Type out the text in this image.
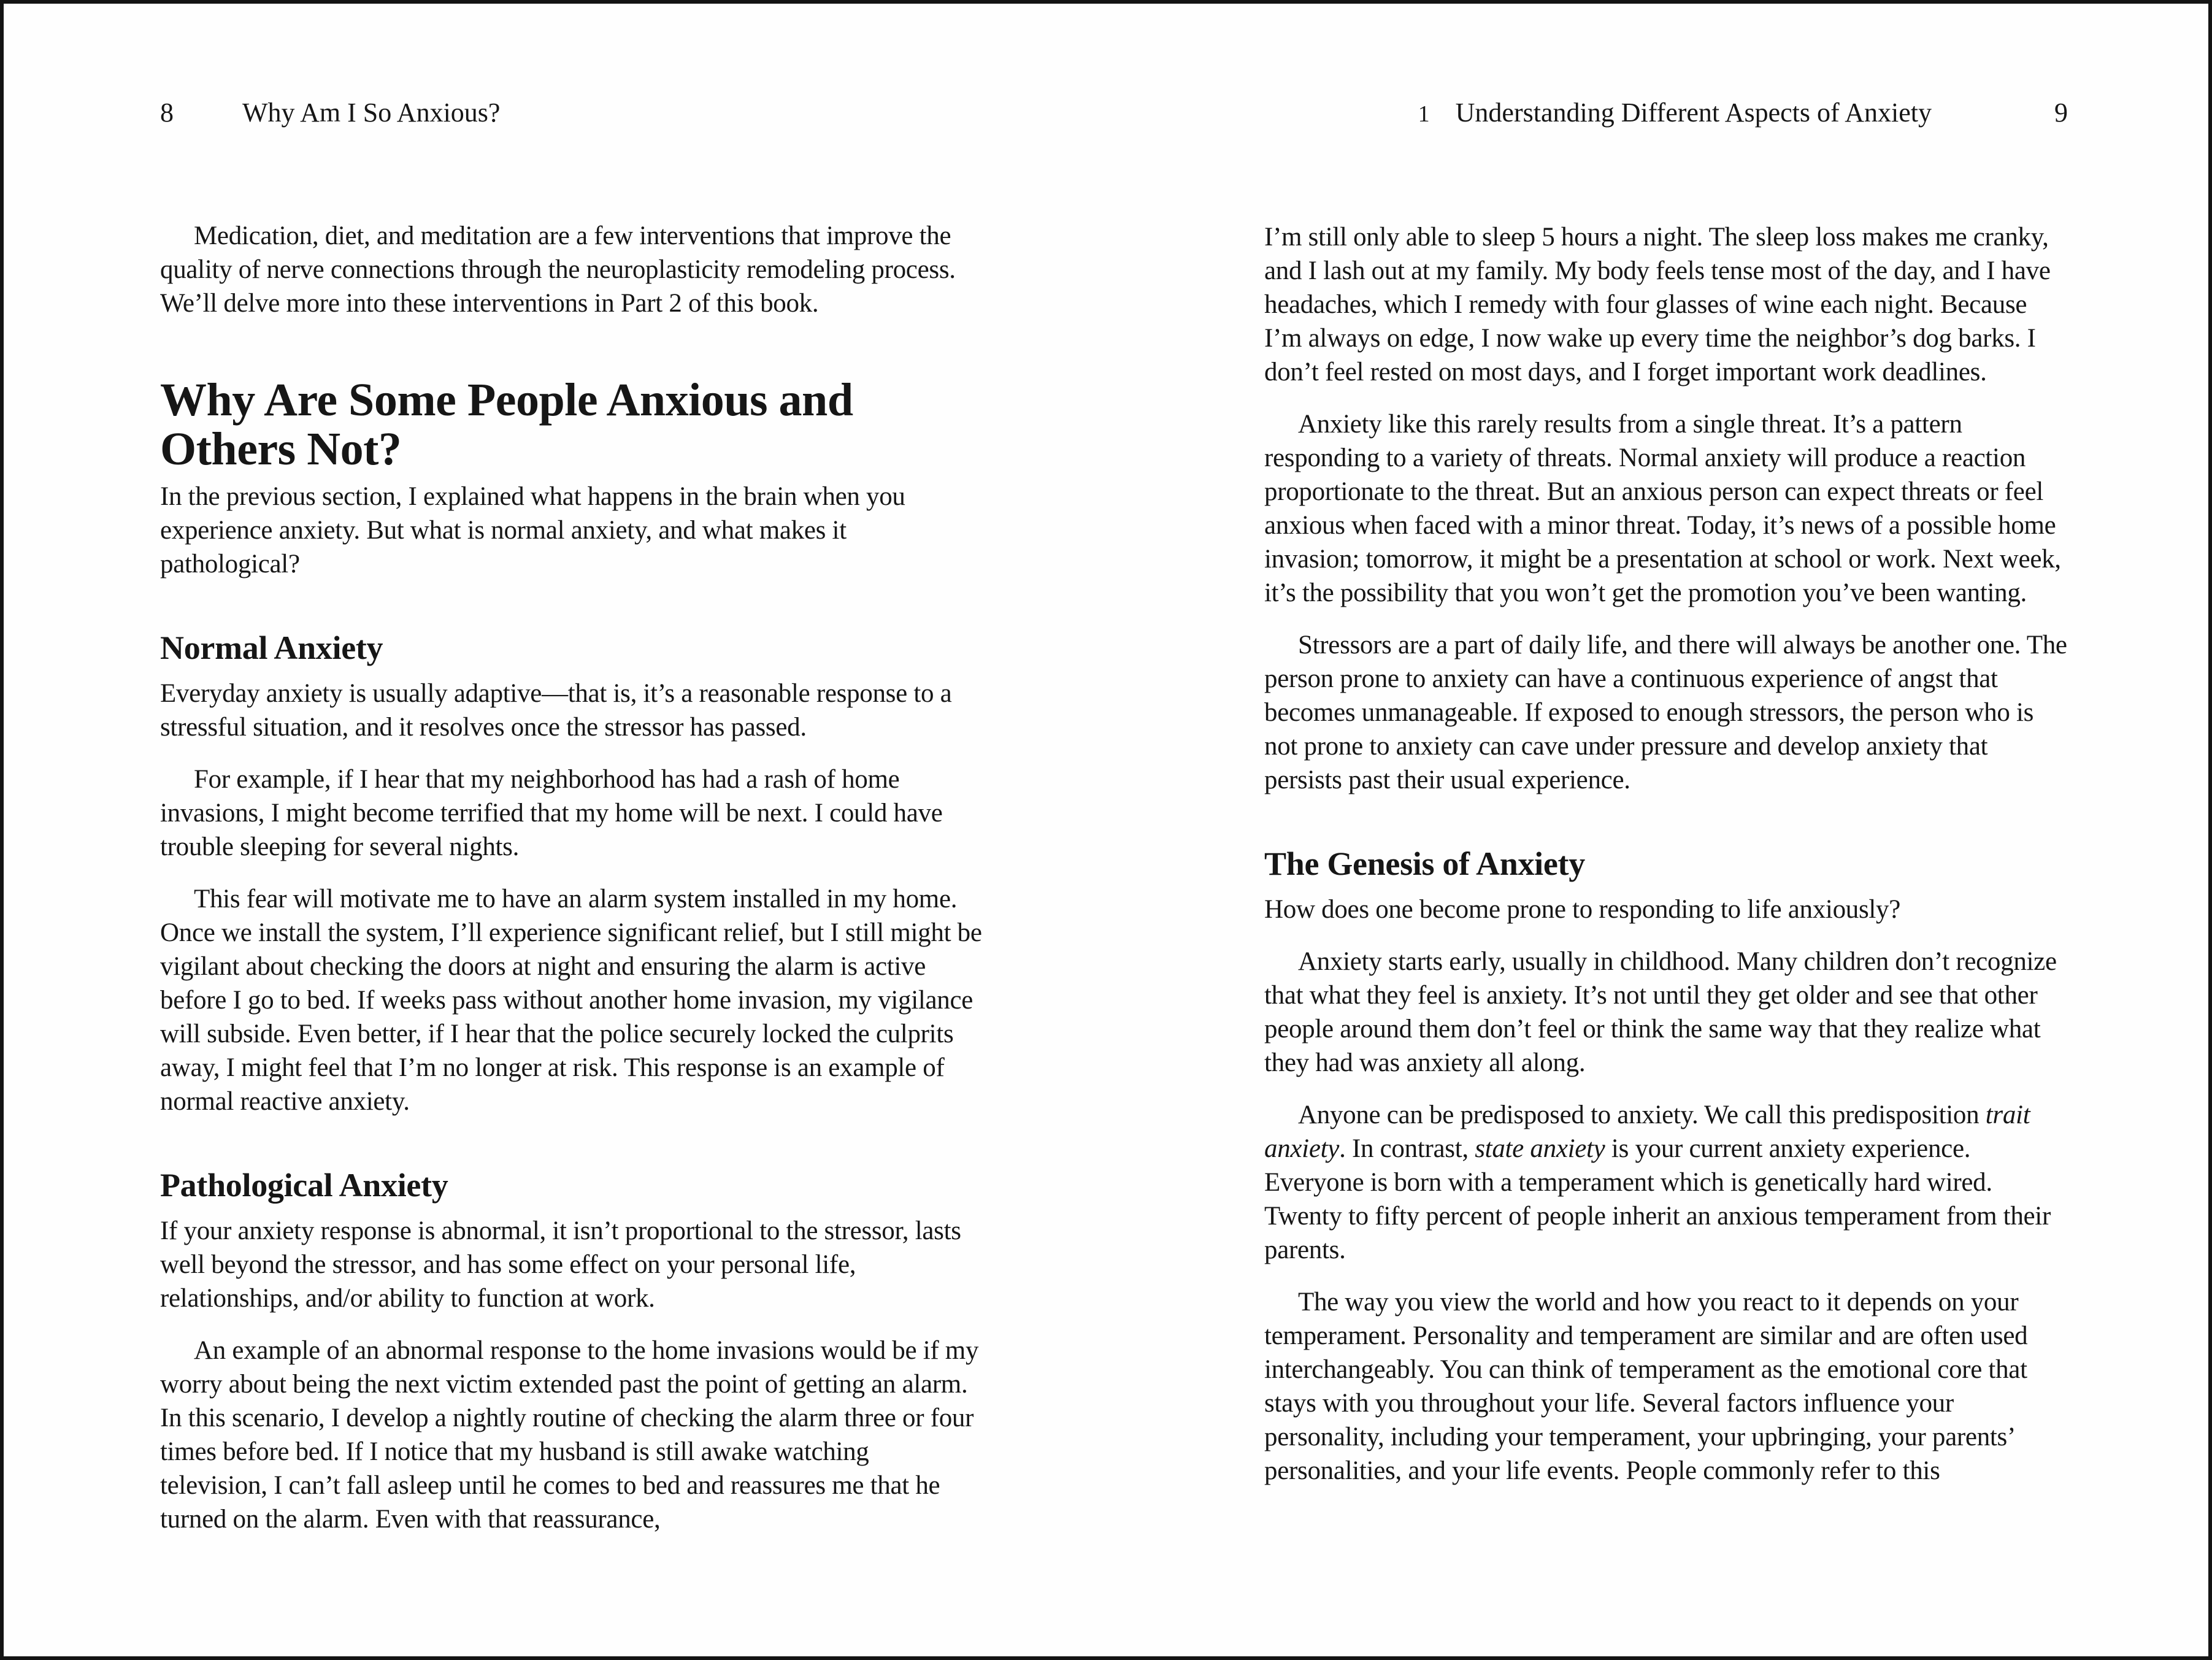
8	Why Am I So Anxious?

Medication, diet, and meditation are a few interventions that improve the quality of nerve connections through the neuroplasticity remodeling process. We’ll delve more into these interventions in Part 2 of this book.

Why Are Some People Anxious and
Others Not?

In the previous section, I explained what happens in the brain when you experience anxiety. But what is normal anxiety, and what makes it pathological?

Normal Anxiety

Everyday anxiety is usually adaptive—that is, it’s a reasonable response to a stressful situation, and it resolves once the stressor has passed.

For example, if I hear that my neighborhood has had a rash of home invasions, I might become terrified that my home will be next. I could have trouble sleeping for several nights.

This fear will motivate me to have an alarm system installed in my home. Once we install the system, I’ll experience significant relief, but I still might be vigilant about checking the doors at night and ensuring the alarm is active before I go to bed. If weeks pass without another home invasion, my vigilance will subside. Even better, if I hear that the police securely locked the culprits away, I might feel that I’m no longer at risk. This response is an example of normal reactive anxiety.

Pathological Anxiety

If your anxiety response is abnormal, it isn’t proportional to the stressor, lasts well beyond the stressor, and has some effect on your personal life, relationships, and/or ability to function at work.

An example of an abnormal response to the home invasions would be if my worry about being the next victim extended past the point of getting an alarm. In this scenario, I develop a nightly routine of checking the alarm three or four times before bed. If I notice that my husband is still awake watching television, I can’t fall asleep until he comes to bed and reassures me that he turned on the alarm. Even with that reassurance,

1 Understanding Different Aspects of Anxiety	9

I’m still only able to sleep 5 hours a night. The sleep loss makes me cranky, and I lash out at my family. My body feels tense most of the day, and I have headaches, which I remedy with four glasses of wine each night. Because I’m always on edge, I now wake up every time the neighbor’s dog barks. I don’t feel rested on most days, and I forget important work deadlines.

Anxiety like this rarely results from a single threat. It’s a pattern responding to a variety of threats. Normal anxiety will produce a reaction proportionate to the threat. But an anxious person can expect threats or feel anxious when faced with a minor threat. Today, it’s news of a possible home invasion; tomorrow, it might be a presentation at school or work. Next week, it’s the possibility that you won’t get the promotion you’ve been wanting.

Stressors are a part of daily life, and there will always be another one. The person prone to anxiety can have a continuous experience of angst that becomes unmanageable. If exposed to enough stressors, the person who is not prone to anxiety can cave under pressure and develop anxiety that persists past their usual experience.

The Genesis of Anxiety

How does one become prone to responding to life anxiously?

Anxiety starts early, usually in childhood. Many children don’t recognize that what they feel is anxiety. It’s not until they get older and see that other people around them don’t feel or think the same way that they realize what they had was anxiety all along.

Anyone can be predisposed to anxiety. We call this predisposition trait anxiety. In contrast, state anxiety is your current anxiety experience. Everyone is born with a temperament which is genetically hard wired. Twenty to fifty percent of people inherit an anxious temperament from their parents.

The way you view the world and how you react to it depends on your temperament. Personality and temperament are similar and are often used interchangeably. You can think of temperament as the emotional core that stays with you throughout your life. Several factors influence your personality, including your temperament, your upbringing, your parents’ personalities, and your life events. People commonly refer to this
